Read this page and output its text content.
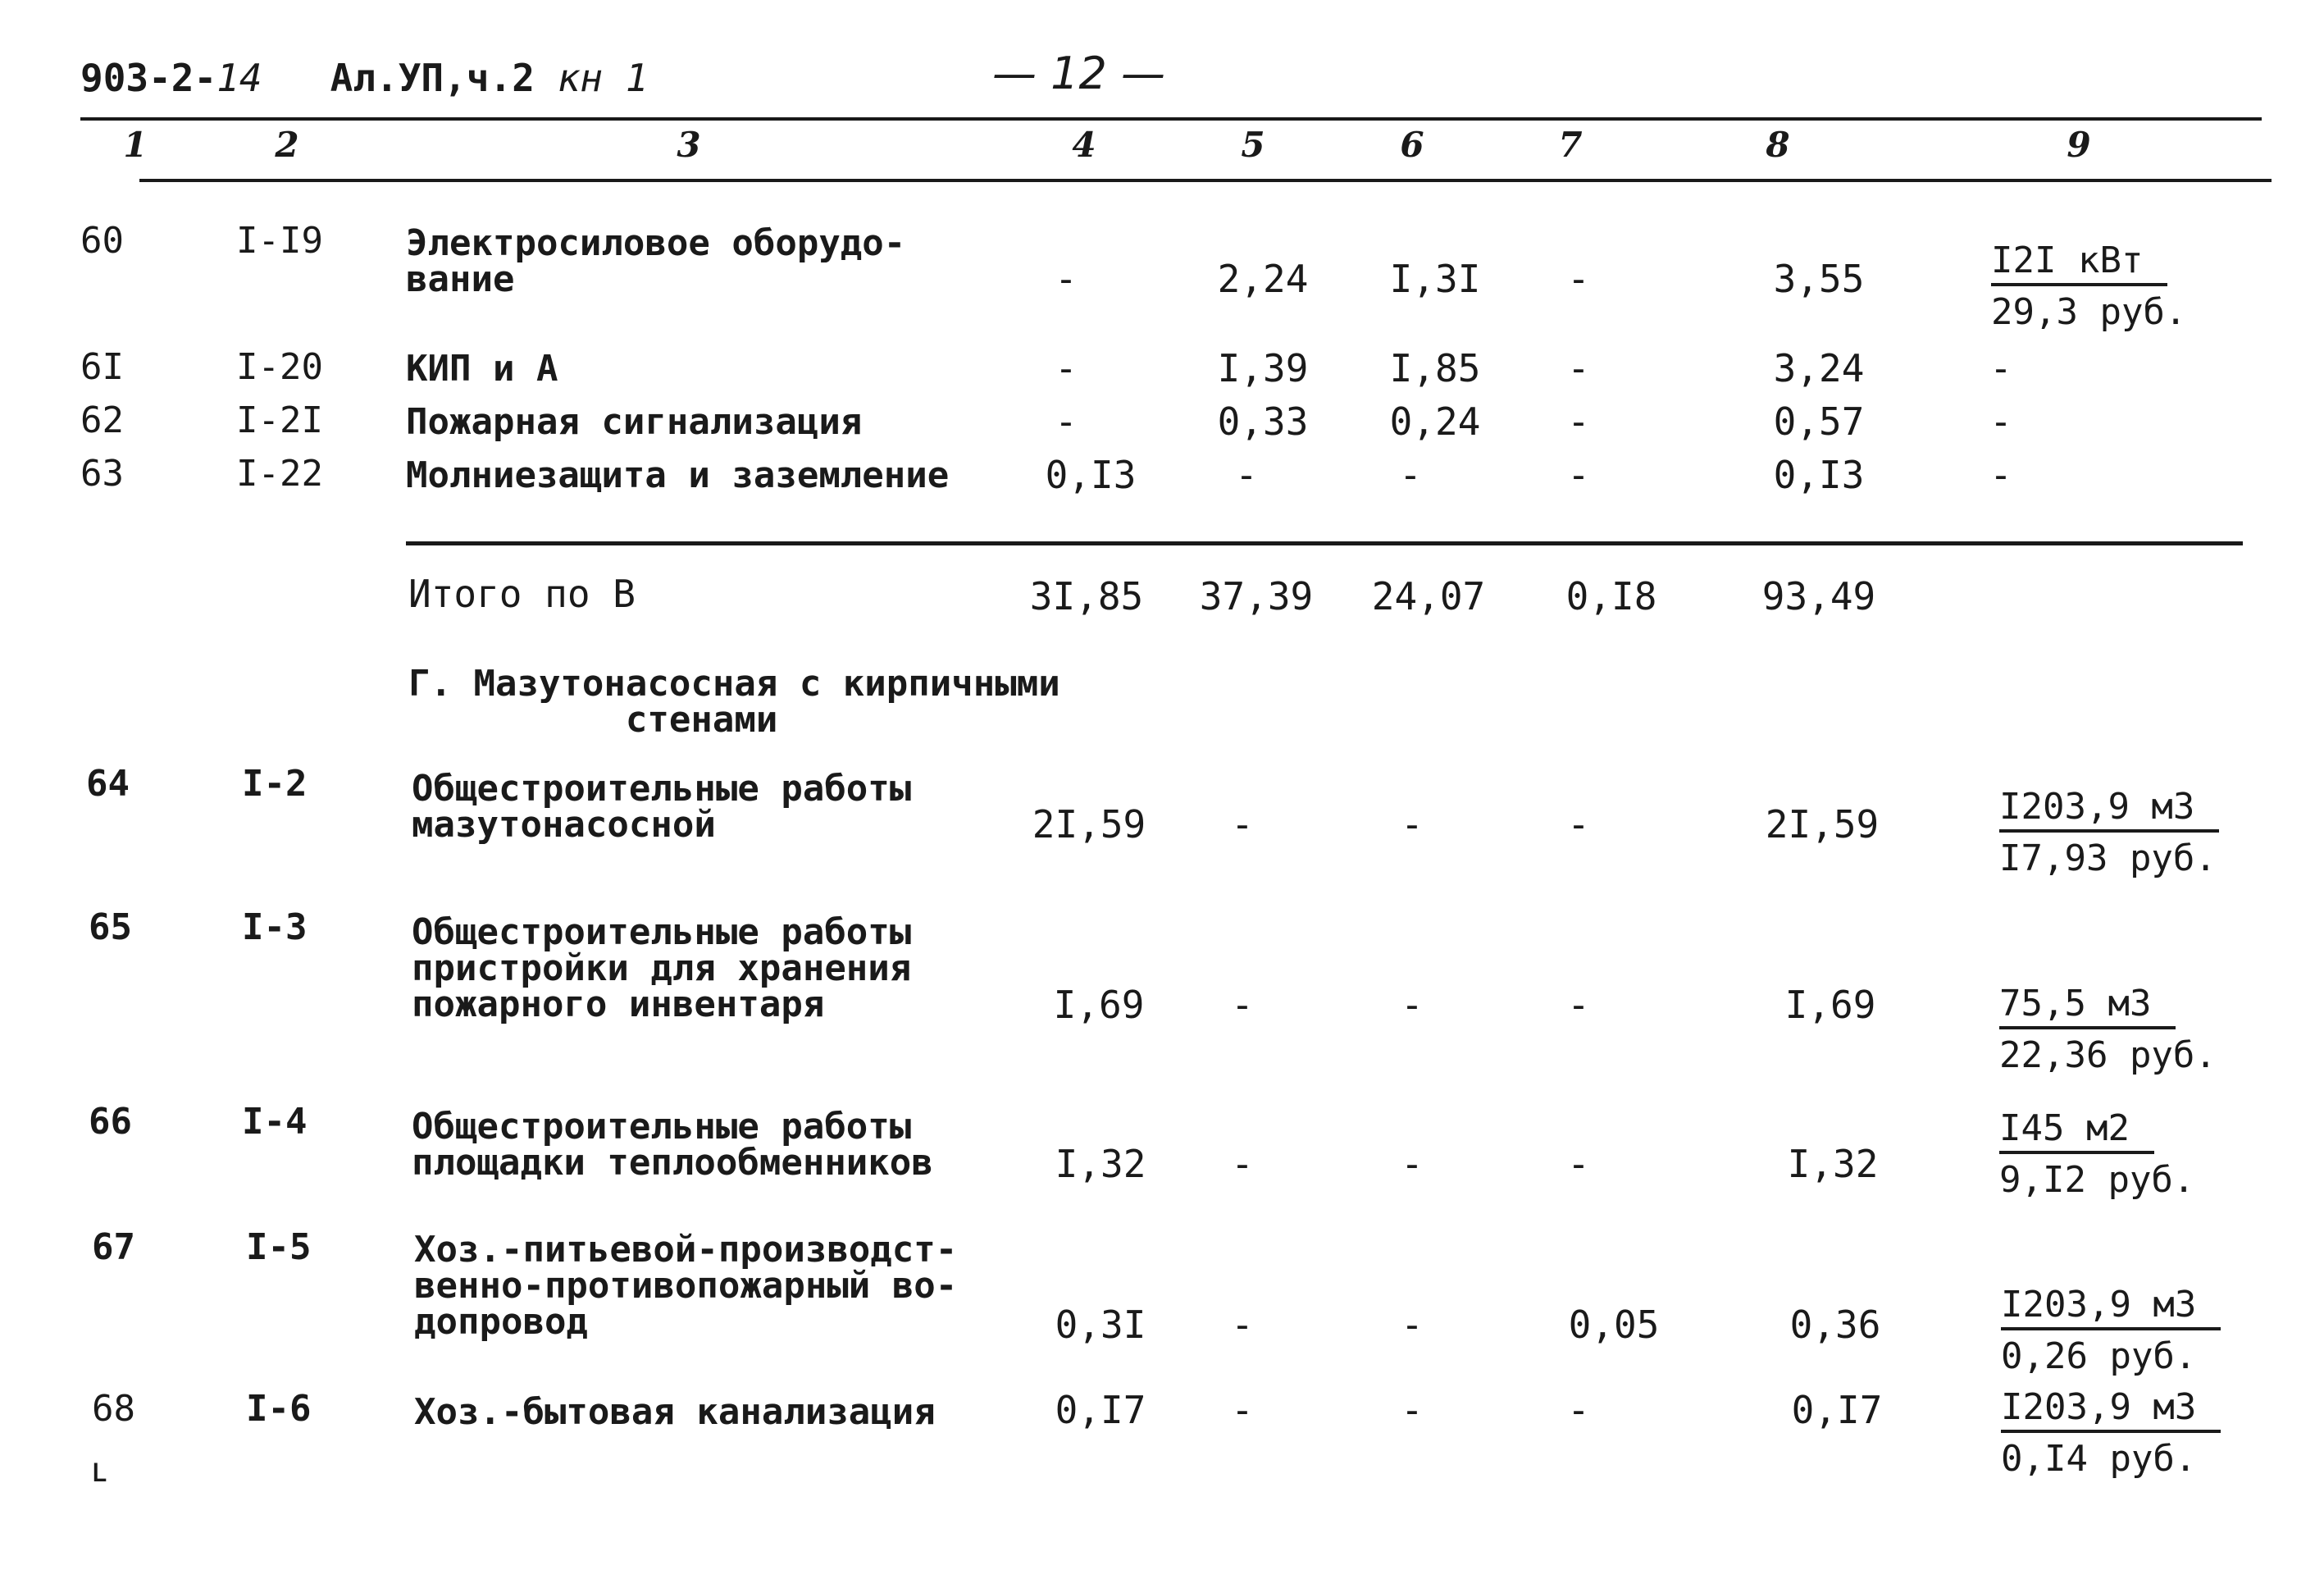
903-2-14 Ал.УП,ч.2 кн 1	— 12 —
1	2	3	4	5	6	7	8	9
60	I-I9 Электросиловое оборудо-
вание	-	2,24 I,3I -	3,55	I2I кВт
29,3 руб.
6I	I-20 КИП и А	-	I,39 I,85 -	3,24	-
62	I-2I Пожарная сигнализация	-	0,33 0,24 -	0,57	-
63	I-22 Молниезащита и заземление	0,I3	-	-	-	0,I3	-
Итого по В	3I,85 37,39 24,07 0,I8	93,49
Г. Мазутонасосная с кирпичными
стенами
64	I-2	Общестроительные работы
мазутонасосной	2I,59 -	-	-	2I,59	I203,9 м3
I7,93 руб.
65	I-3	Общестроительные работы
пристройки для хранения
пожарного инвентаря	I,69 -	-	-	I,69	75,5 м3
22,36 руб.
66	I-4	Общестроительные работы
площадки теплообменников	I,32 -	-	-	I,32
I45 м2
9,I2 руб.
67	I-5	Хоз.-питьевой-производст-
венно-противопожарный во-
допровод	0,3I -	-	0,05	0,36	I203,9 м3
0,26 руб.
68	I-6	Хоз.-бытовая канализация	0,I7 -	-	-	0,I7	I203,9 м3
0,I4 руб.
ʟ
